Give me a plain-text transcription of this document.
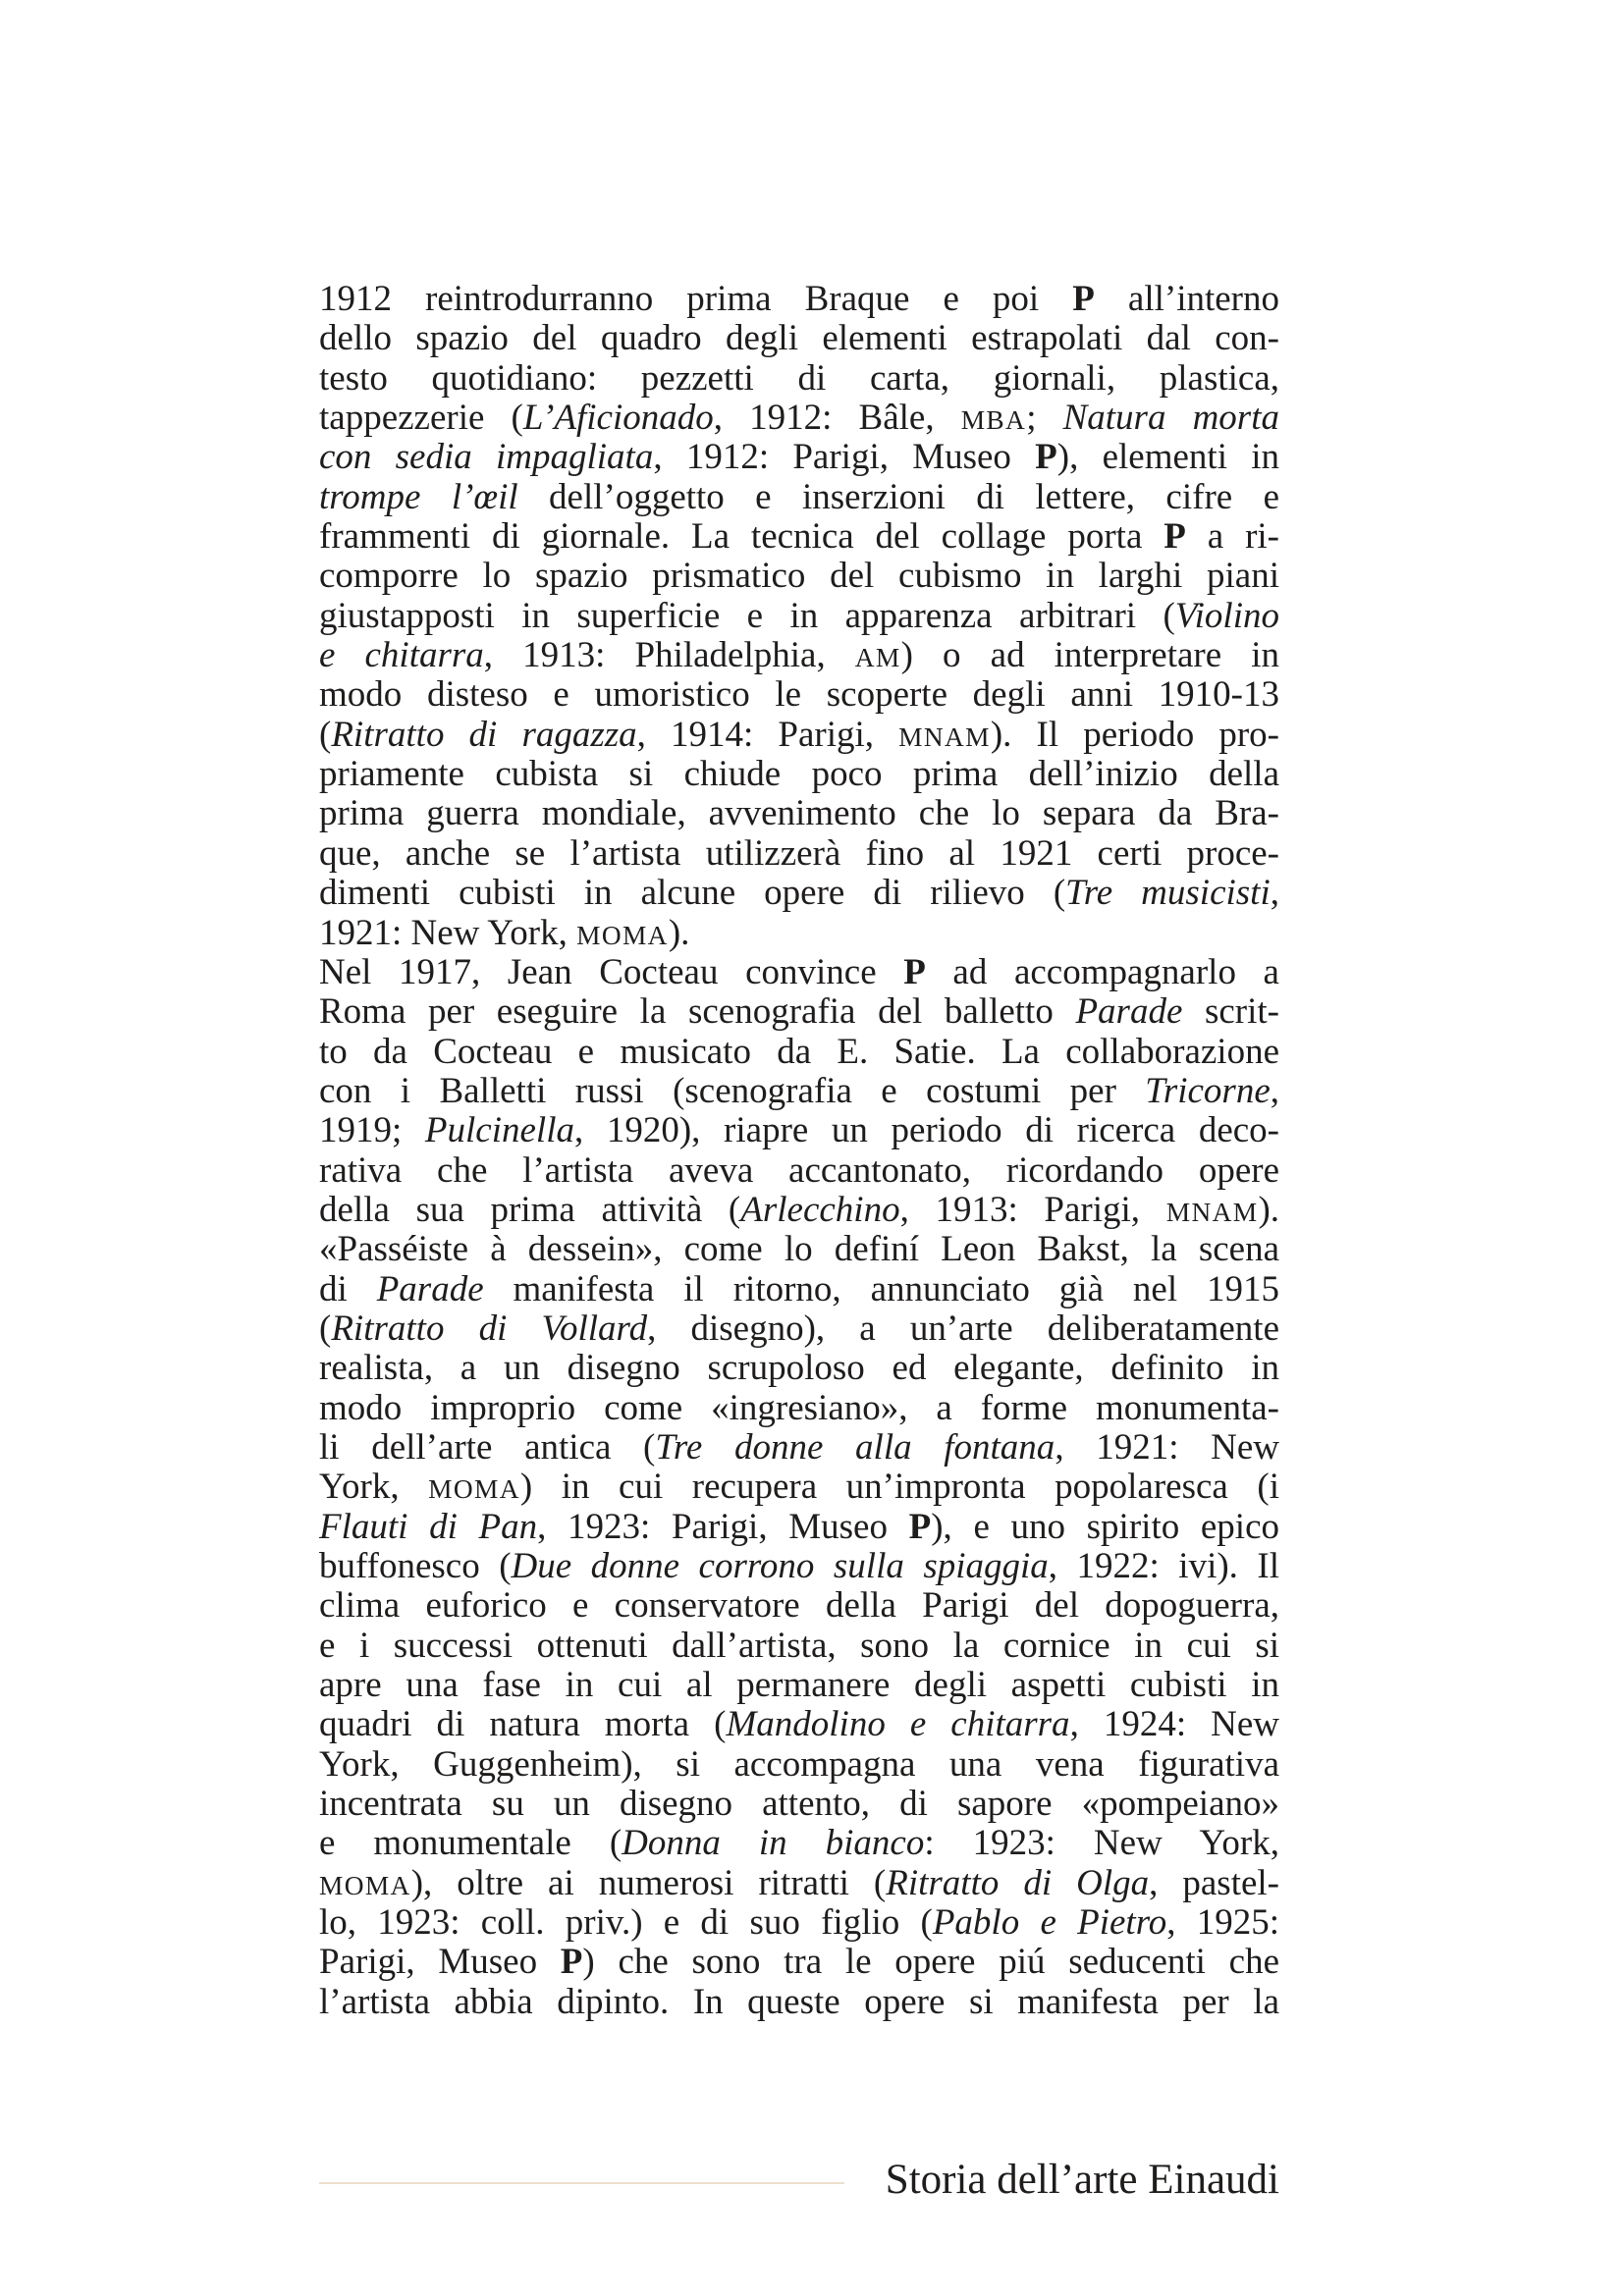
1912 reintrodurranno prima Braque e poi P all’interno
dello spazio del quadro degli elementi estrapolati dal con-
testo quotidiano: pezzetti di carta, giornali, plastica,
tappezzerie (L’Aficionado, 1912: Bâle, MBA; Natura morta
con sedia impagliata, 1912: Parigi, Museo P), elementi in
trompe l’œil dell’oggetto e inserzioni di lettere, cifre e
frammenti di giornale. La tecnica del collage porta P a ri-
comporre lo spazio prismatico del cubismo in larghi piani
giustapposti in superficie e in apparenza arbitrari (Violino
e chitarra, 1913: Philadelphia, AM) o ad interpretare in
modo disteso e umoristico le scoperte degli anni 1910-13
(Ritratto di ragazza, 1914: Parigi, MNAM). Il periodo pro-
priamente cubista si chiude poco prima dell’inizio della
prima guerra mondiale, avvenimento che lo separa da Bra-
que, anche se l’artista utilizzerà fino al 1921 certi proce-
dimenti cubisti in alcune opere di rilievo (Tre musicisti,
1921: New York, MOMA).
Nel 1917, Jean Cocteau convince P ad accompagnarlo a
Roma per eseguire la scenografia del balletto Parade scrit-
to da Cocteau e musicato da E. Satie. La collaborazione
con i Balletti russi (scenografia e costumi per Tricorne,
1919; Pulcinella, 1920), riapre un periodo di ricerca deco-
rativa che l’artista aveva accantonato, ricordando opere
della sua prima attività (Arlecchino, 1913: Parigi, MNAM).
«Passéiste à dessein», come lo definí Leon Bakst, la scena
di Parade manifesta il ritorno, annunciato già nel 1915
(Ritratto di Vollard, disegno), a un’arte deliberatamente
realista, a un disegno scrupoloso ed elegante, definito in
modo improprio come «ingresiano», a forme monumenta-
li dell’arte antica (Tre donne alla fontana, 1921: New
York, MOMA) in cui recupera un’impronta popolaresca (i
Flauti di Pan, 1923: Parigi, Museo P), e uno spirito epico
buffonesco (Due donne corrono sulla spiaggia, 1922: ivi). Il
clima euforico e conservatore della Parigi del dopoguerra,
e i successi ottenuti dall’artista, sono la cornice in cui si
apre una fase in cui al permanere degli aspetti cubisti in
quadri di natura morta (Mandolino e chitarra, 1924: New
York, Guggenheim), si accompagna una vena figurativa
incentrata su un disegno attento, di sapore «pompeiano»
e monumentale (Donna in bianco: 1923: New York,
MOMA), oltre ai numerosi ritratti (Ritratto di Olga, pastel-
lo, 1923: coll. priv.) e di suo figlio (Pablo e Pietro, 1925:
Parigi, Museo P) che sono tra le opere piú seducenti che
l’artista abbia dipinto. In queste opere si manifesta per la
Storia dell’arte Einaudi
